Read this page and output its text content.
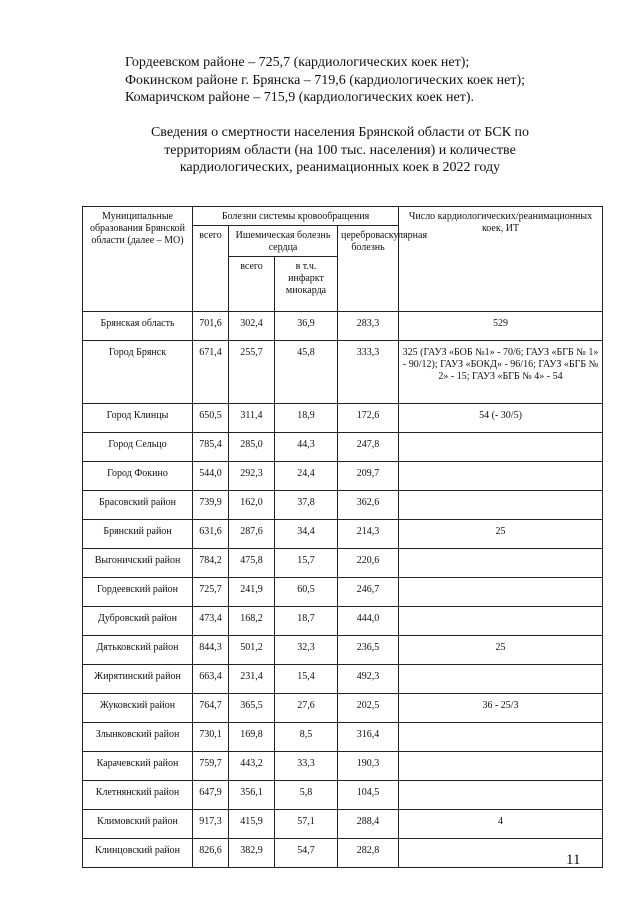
Гордеевском районе – 725,7 (кардиологических коек нет);
Фокинском районе г. Брянска – 719,6 (кардиологических коек нет);
Комаричском районе – 715,9 (кардиологических коек нет).
Сведения о смертности населения Брянской области от БСК по
территориям области (на 100 тыс. населения) и количестве
кардиологических, реанимационных коек в 2022 году
Муниципальные образования Брянской области (далее – МО)	Болезни системы кровообращения				Число кардиологических/реанимационных коек, ИТ
	всего	Ишемическая болезнь сердца		цереброваскулярная болезнь	
		всего	в т.ч. инфаркт миокарда		
Брянская область	701,6	302,4	36,9	283,3	529
Город Брянск	671,4	255,7	45,8	333,3	325 (ГАУЗ «БОБ №1» - 70/6; ГАУЗ «БГБ № 1» - 90/12); ГАУЗ «БОКД» - 96/16; ГАУЗ «БГБ № 2» - 15; ГАУЗ «БГБ № 4» - 54
Город Клинцы	650,5	311,4	18,9	172,6	54 (- 30/5)
Город Сельцо	785,4	285,0	44,3	247,8	
Город Фокино	544,0	292,3	24,4	209,7	
Брасовский район	739,9	162,0	37,8	362,6	
Брянский район	631,6	287,6	34,4	214,3	25
Выгоничский район	784,2	475,8	15,7	220,6	
Гордеевский район	725,7	241,9	60,5	246,7	
Дубровский район	473,4	168,2	18,7	444,0	
Дятьковский район	844,3	501,2	32,3	236,5	25
Жирятинский район	663,4	231,4	15,4	492,3	
Жуковский район	764,7	365,5	27,6	202,5	36 - 25/3
Злынковский район	730,1	169,8	8,5	316,4	
Карачевский район	759,7	443,2	33,3	190,3	
Клетнянский район	647,9	356,1	5,8	104,5	
Климовский район	917,3	415,9	57,1	288,4	4
Клинцовский район	826,6	382,9	54,7	282,8	
11
